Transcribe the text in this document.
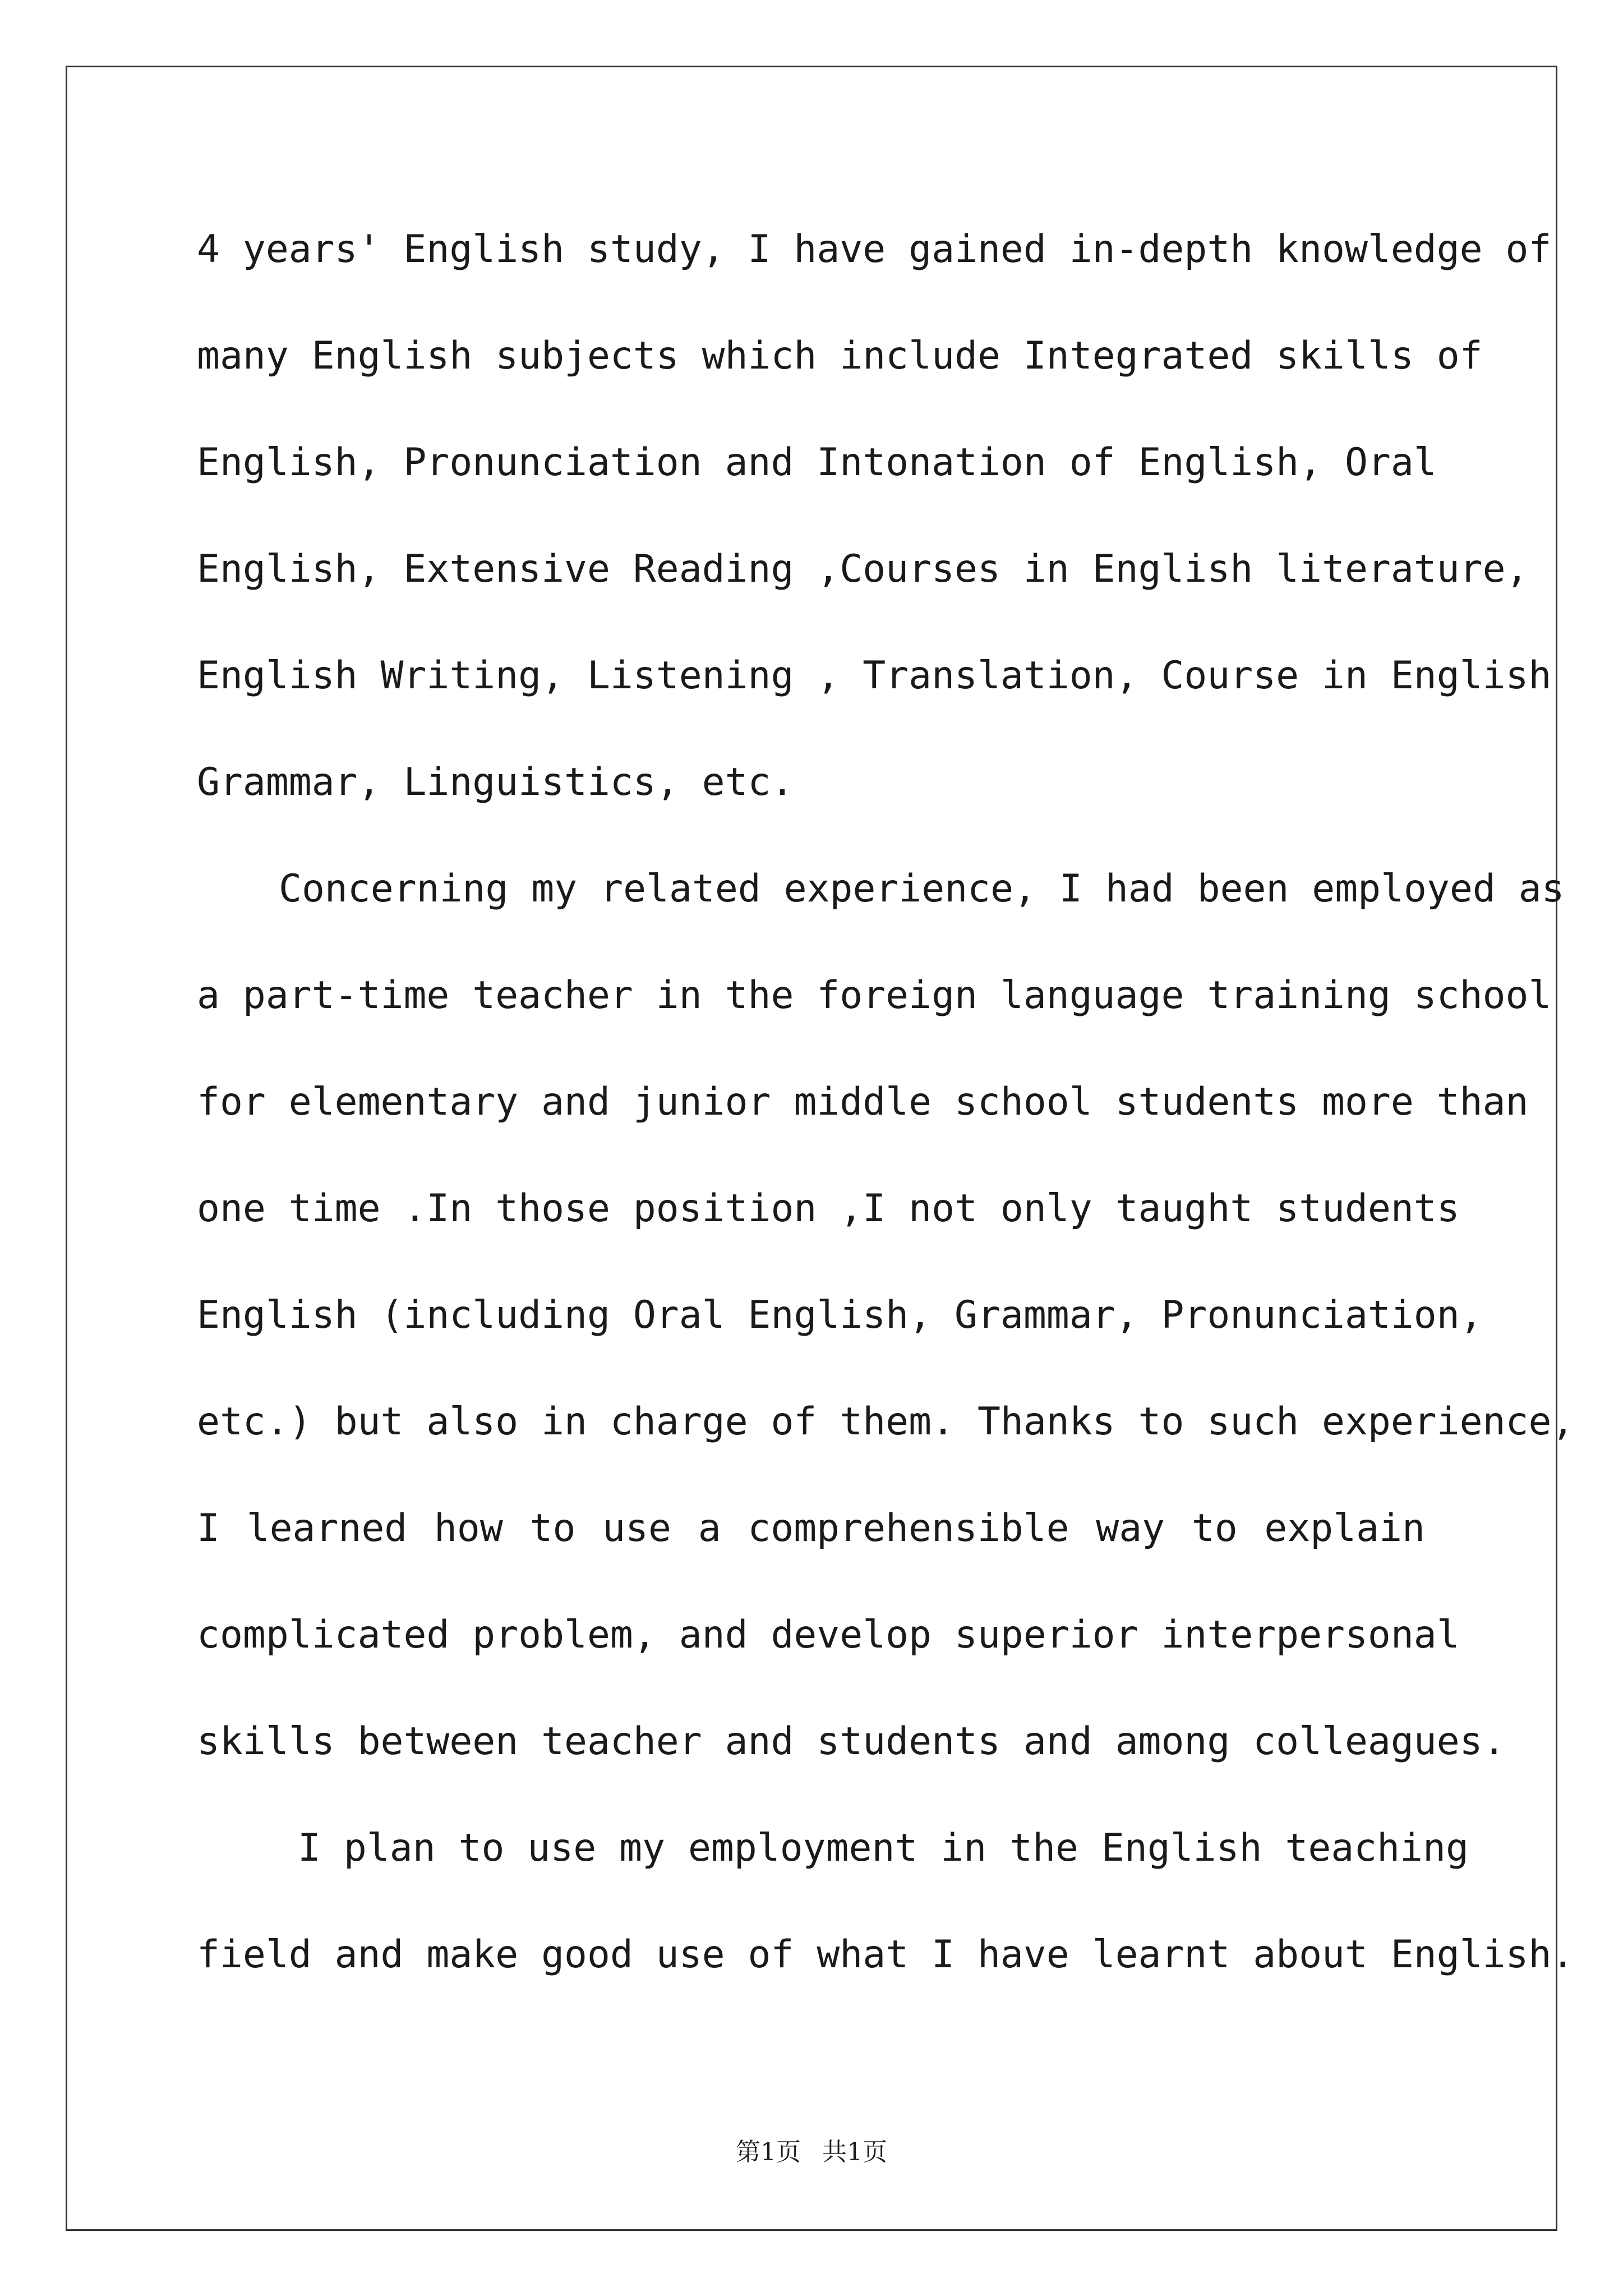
4 years' English study, I have gained in-depth knowledge of
many English subjects which include Integrated skills of
English, Pronunciation and Intonation of English, Oral
English, Extensive Reading ,Courses in English literature,
English Writing, Listening , Translation, Course in English
Grammar, Linguistics, etc.
Concerning my related experience, I had been employed as
a part-time teacher in the foreign language training school
for elementary and junior middle school students more than
one time .In those position ,I not only taught students
English (including Oral English, Grammar, Pronunciation,
etc.) but also in charge of them. Thanks to such experience,
I learned how to use a comprehensible way to explain
complicated problem, and develop superior interpersonal
skills between teacher and students and among colleagues.
I plan to use my employment in the English teaching
field and make good use of what I have learnt about English.
第1页 共1页
